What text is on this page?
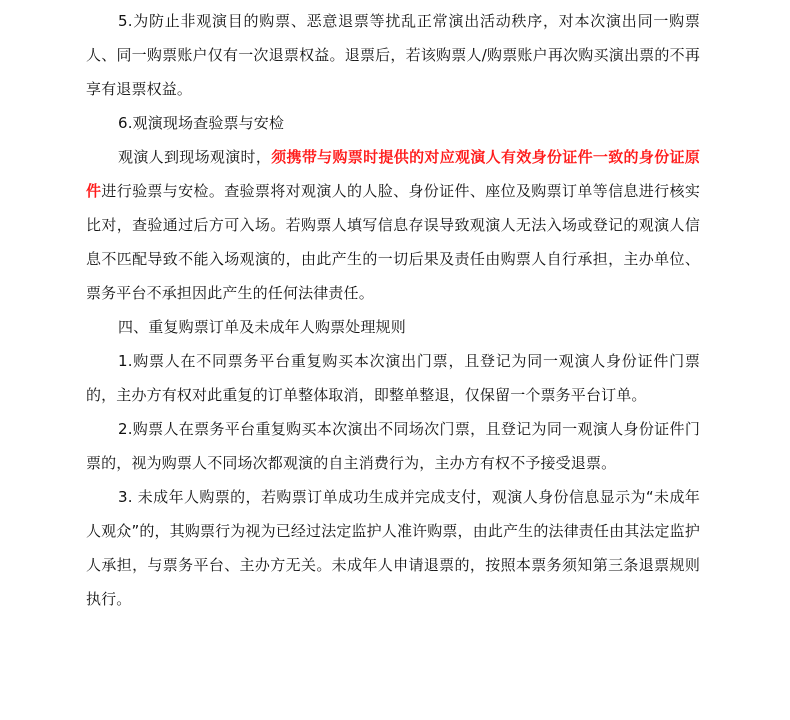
5.为防止非观演目的购票、恶意退票等扰乱正常演出活动秩序，对本次演出同一购票人、同一购票账户仅有一次退票权益。退票后，若该购票人/购票账户再次购买演出票的不再享有退票权益。

6.观演现场查验票与安检

观演人到现场观演时，须携带与购票时提供的对应观演人有效身份证件一致的身份证原件进行验票与安检。查验票将对观演人的人脸、身份证件、座位及购票订单等信息进行核实比对，查验通过后方可入场。若购票人填写信息存误导致观演人无法入场或登记的观演人信息不匹配导致不能入场观演的，由此产生的一切后果及责任由购票人自行承担，主办单位、票务平台不承担因此产生的任何法律责任。

四、重复购票订单及未成年人购票处理规则

1.购票人在不同票务平台重复购买本次演出门票，且登记为同一观演人身份证件门票的，主办方有权对此重复的订单整体取消，即整单整退，仅保留一个票务平台订单。

2.购票人在票务平台重复购买本次演出不同场次门票，且登记为同一观演人身份证件门票的，视为购票人不同场次都观演的自主消费行为，主办方有权不予接受退票。

3. 未成年人购票的，若购票订单成功生成并完成支付，观演人身份信息显示为“未成年人观众”的，其购票行为视为已经过法定监护人准许购票，由此产生的法律责任由其法定监护人承担，与票务平台、主办方无关。未成年人申请退票的，按照本票务须知第三条退票规则执行。
